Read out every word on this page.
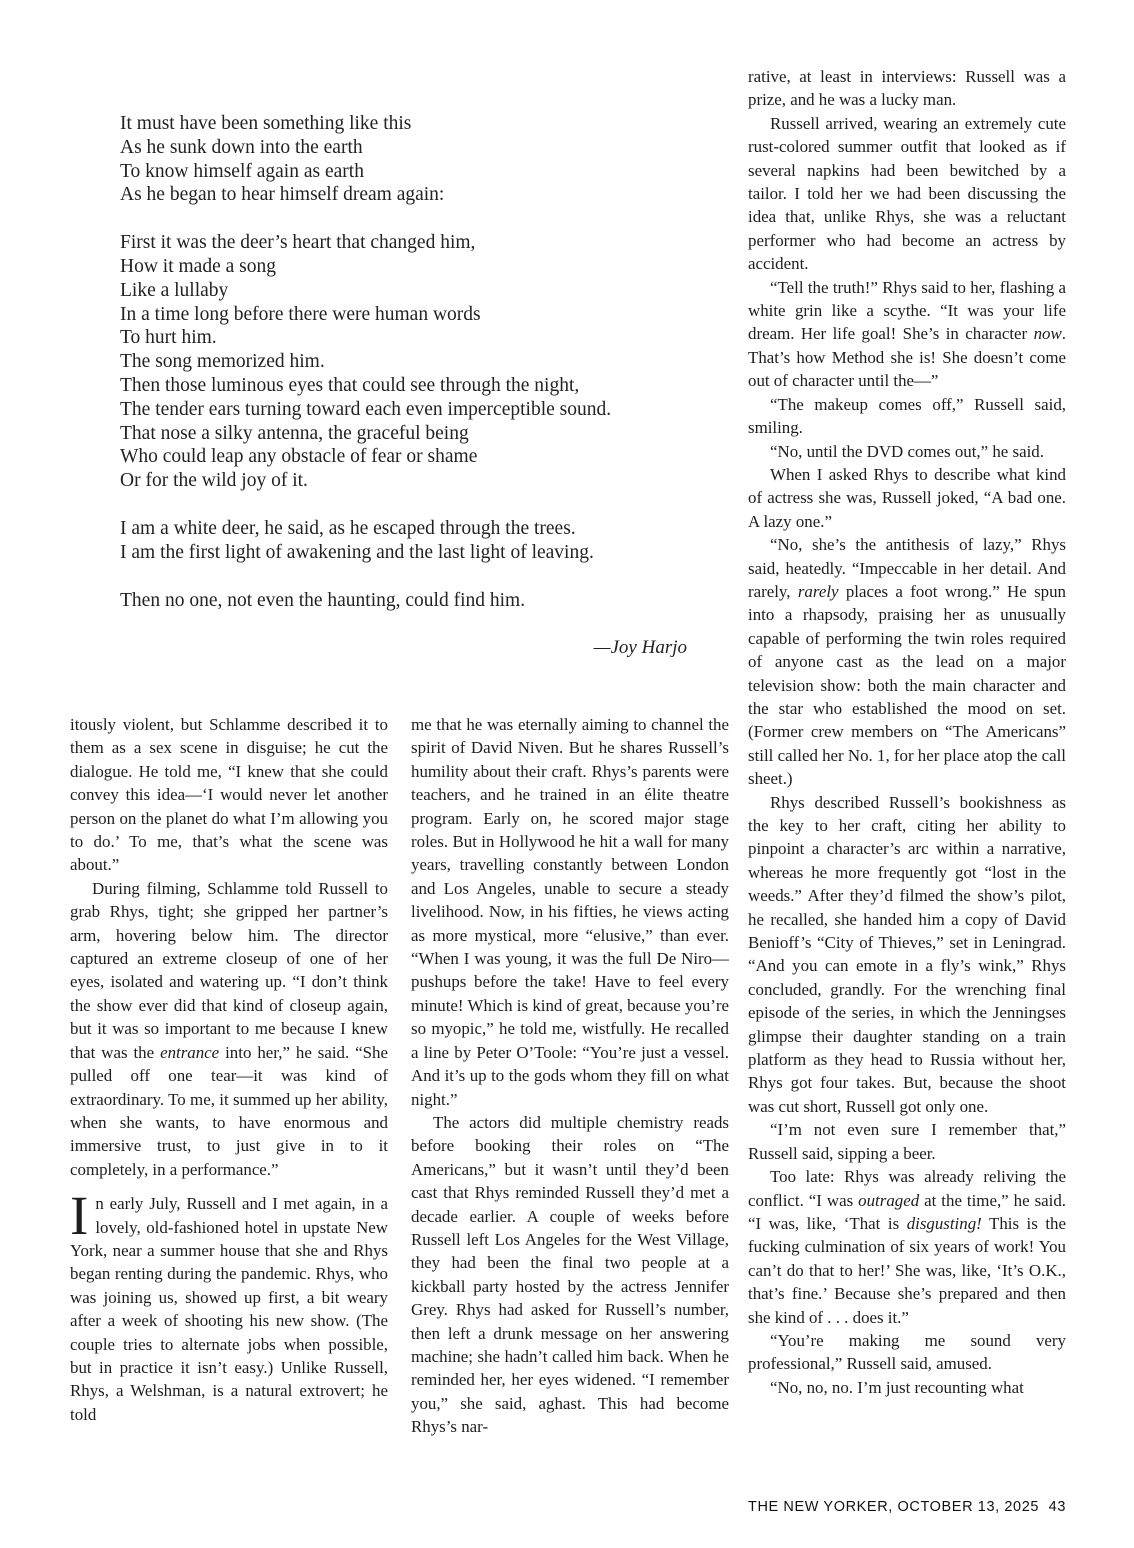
It must have been something like this
As he sunk down into the earth
To know himself again as earth
As he began to hear himself dream again:
First it was the deer’s heart that changed him,
How it made a song
Like a lullaby
In a time long before there were human words
To hurt him.
The song memorized him.
Then those luminous eyes that could see through the night,
The tender ears turning toward each even imperceptible sound.
That nose a silky antenna, the graceful being
Who could leap any obstacle of fear or shame
Or for the wild joy of it.
I am a white deer, he said, as he escaped through the trees.
I am the first light of awakening and the last light of leaving.
Then no one, not even the haunting, could find him.
—Joy Harjo

itously violent, but Schlamme described it to them as a sex scene in disguise; he cut the dialogue. He told me, “I knew that she could convey this idea—‘I would never let another person on the planet do what I’m allowing you to do.’ To me, that’s what the scene was about.”

During filming, Schlamme told Russell to grab Rhys, tight; she gripped her partner’s arm, hovering below him. The director captured an extreme closeup of one of her eyes, isolated and watering up. “I don’t think the show ever did that kind of closeup again, but it was so important to me because I knew that was the entrance into her,” he said. “She pulled off one tear—it was kind of extraordinary. To me, it summed up her ability, when she wants, to have enormous and immersive trust, to just give in to it completely, in a performance.”

In early July, Russell and I met again, in a lovely, old-fashioned hotel in upstate New York, near a summer house that she and Rhys began renting during the pandemic. Rhys, who was joining us, showed up first, a bit weary after a week of shooting his new show. (The couple tries to alternate jobs when possible, but in practice it isn’t easy.) Unlike Russell, Rhys, a Welshman, is a natural extrovert; he told

me that he was eternally aiming to channel the spirit of David Niven. But he shares Russell’s humility about their craft. Rhys’s parents were teachers, and he trained in an élite theatre program. Early on, he scored major stage roles. But in Hollywood he hit a wall for many years, travelling constantly between London and Los Angeles, unable to secure a steady livelihood. Now, in his fifties, he views acting as more mystical, more “elusive,” than ever. “When I was young, it was the full De Niro—pushups before the take! Have to feel every minute! Which is kind of great, because you’re so myopic,” he told me, wistfully. He recalled a line by Peter O’Toole: “You’re just a vessel. And it’s up to the gods whom they fill on what night.”

The actors did multiple chemistry reads before booking their roles on “The Americans,” but it wasn’t until they’d been cast that Rhys reminded Russell they’d met a decade earlier. A couple of weeks before Russell left Los Angeles for the West Village, they had been the final two people at a kickball party hosted by the actress Jennifer Grey. Rhys had asked for Russell’s number, then left a drunk message on her answering machine; she hadn’t called him back. When he reminded her, her eyes widened. “I remember you,” she said, aghast. This had become Rhys’s nar-

rative, at least in interviews: Russell was a prize, and he was a lucky man.

Russell arrived, wearing an extremely cute rust-colored summer outfit that looked as if several napkins had been bewitched by a tailor. I told her we had been discussing the idea that, unlike Rhys, she was a reluctant performer who had become an actress by accident.

“Tell the truth!” Rhys said to her, flashing a white grin like a scythe. “It was your life dream. Her life goal! She’s in character now. That’s how Method she is! She doesn’t come out of character until the—”

“The makeup comes off,” Russell said, smiling.

“No, until the DVD comes out,” he said.

When I asked Rhys to describe what kind of actress she was, Russell joked, “A bad one. A lazy one.”

“No, she’s the antithesis of lazy,” Rhys said, heatedly. “Impeccable in her detail. And rarely, rarely places a foot wrong.” He spun into a rhapsody, praising her as unusually capable of performing the twin roles required of anyone cast as the lead on a major television show: both the main character and the star who established the mood on set. (Former crew members on “The Americans” still called her No. 1, for her place atop the call sheet.)

Rhys described Russell’s bookishness as the key to her craft, citing her ability to pinpoint a character’s arc within a narrative, whereas he more frequently got “lost in the weeds.” After they’d filmed the show’s pilot, he recalled, she handed him a copy of David Benioff’s “City of Thieves,” set in Leningrad. “And you can emote in a fly’s wink,” Rhys concluded, grandly. For the wrenching final episode of the series, in which the Jenningses glimpse their daughter standing on a train platform as they head to Russia without her, Rhys got four takes. But, because the shoot was cut short, Russell got only one.

“I’m not even sure I remember that,” Russell said, sipping a beer.

Too late: Rhys was already reliving the conflict. “I was outraged at the time,” he said. “I was, like, ‘That is disgusting! This is the fucking culmination of six years of work! You can’t do that to her!’ She was, like, ‘It’s O.K., that’s fine.’ Because she’s prepared and then she kind of . . . does it.”

“You’re making me sound very professional,” Russell said, amused.

“No, no, no. I’m just recounting what

THE NEW YORKER, OCTOBER 13, 2025 43
